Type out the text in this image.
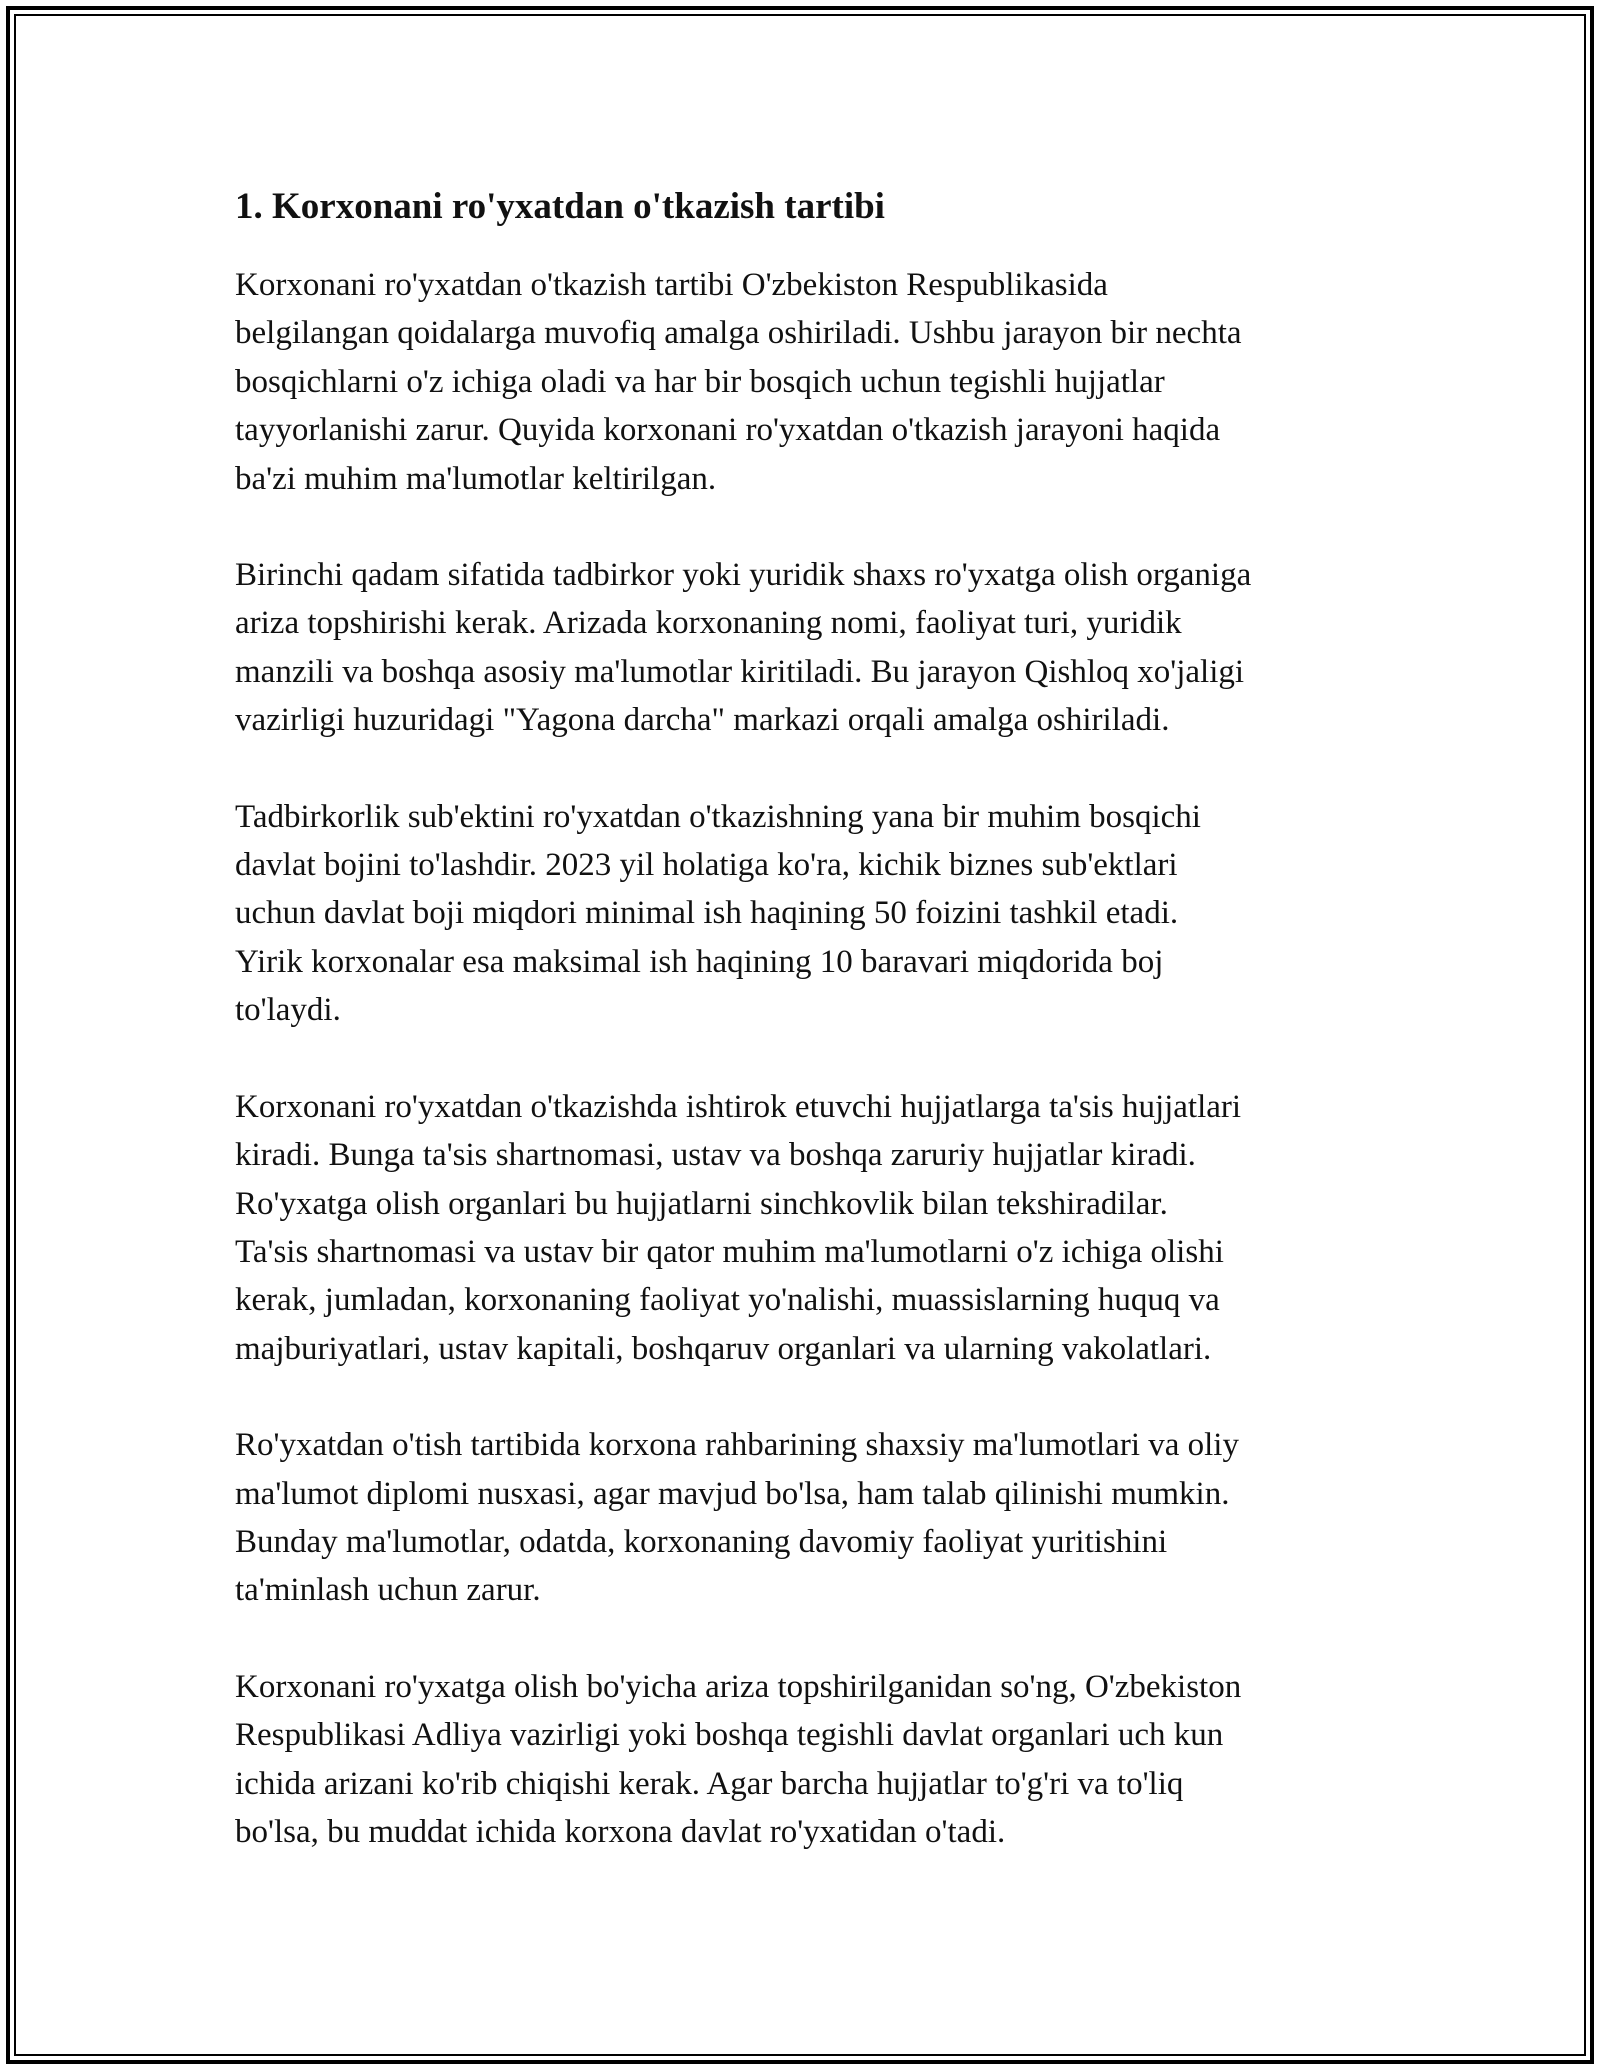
1. Korxonani ro'yxatdan o'tkazish tartibi

Korxonani ro'yxatdan o'tkazish tartibi O'zbekiston Respublikasida
belgilangan qoidalarga muvofiq amalga oshiriladi. Ushbu jarayon bir nechta
bosqichlarni o'z ichiga oladi va har bir bosqich uchun tegishli hujjatlar
tayyorlanishi zarur. Quyida korxonani ro'yxatdan o'tkazish jarayoni haqida
ba'zi muhim ma'lumotlar keltirilgan.

Birinchi qadam sifatida tadbirkor yoki yuridik shaxs ro'yxatga olish organiga
ariza topshirishi kerak. Arizada korxonaning nomi, faoliyat turi, yuridik
manzili va boshqa asosiy ma'lumotlar kiritiladi. Bu jarayon Qishloq xo'jaligi
vazirligi huzuridagi "Yagona darcha" markazi orqali amalga oshiriladi.

Tadbirkorlik sub'ektini ro'yxatdan o'tkazishning yana bir muhim bosqichi
davlat bojini to'lashdir. 2023 yil holatiga ko'ra, kichik biznes sub'ektlari
uchun davlat boji miqdori minimal ish haqining 50 foizini tashkil etadi.
Yirik korxonalar esa maksimal ish haqining 10 baravari miqdorida boj
to'laydi.

Korxonani ro'yxatdan o'tkazishda ishtirok etuvchi hujjatlarga ta'sis hujjatlari
kiradi. Bunga ta'sis shartnomasi, ustav va boshqa zaruriy hujjatlar kiradi.
Ro'yxatga olish organlari bu hujjatlarni sinchkovlik bilan tekshiradilar.
Ta'sis shartnomasi va ustav bir qator muhim ma'lumotlarni o'z ichiga olishi
kerak, jumladan, korxonaning faoliyat yo'nalishi, muassislarning huquq va
majburiyatlari, ustav kapitali, boshqaruv organlari va ularning vakolatlari.

Ro'yxatdan o'tish tartibida korxona rahbarining shaxsiy ma'lumotlari va oliy
ma'lumot diplomi nusxasi, agar mavjud bo'lsa, ham talab qilinishi mumkin.
Bunday ma'lumotlar, odatda, korxonaning davomiy faoliyat yuritishini
ta'minlash uchun zarur.

Korxonani ro'yxatga olish bo'yicha ariza topshirilganidan so'ng, O'zbekiston
Respublikasi Adliya vazirligi yoki boshqa tegishli davlat organlari uch kun
ichida arizani ko'rib chiqishi kerak. Agar barcha hujjatlar to'g'ri va to'liq
bo'lsa, bu muddat ichida korxona davlat ro'yxatidan o'tadi.
